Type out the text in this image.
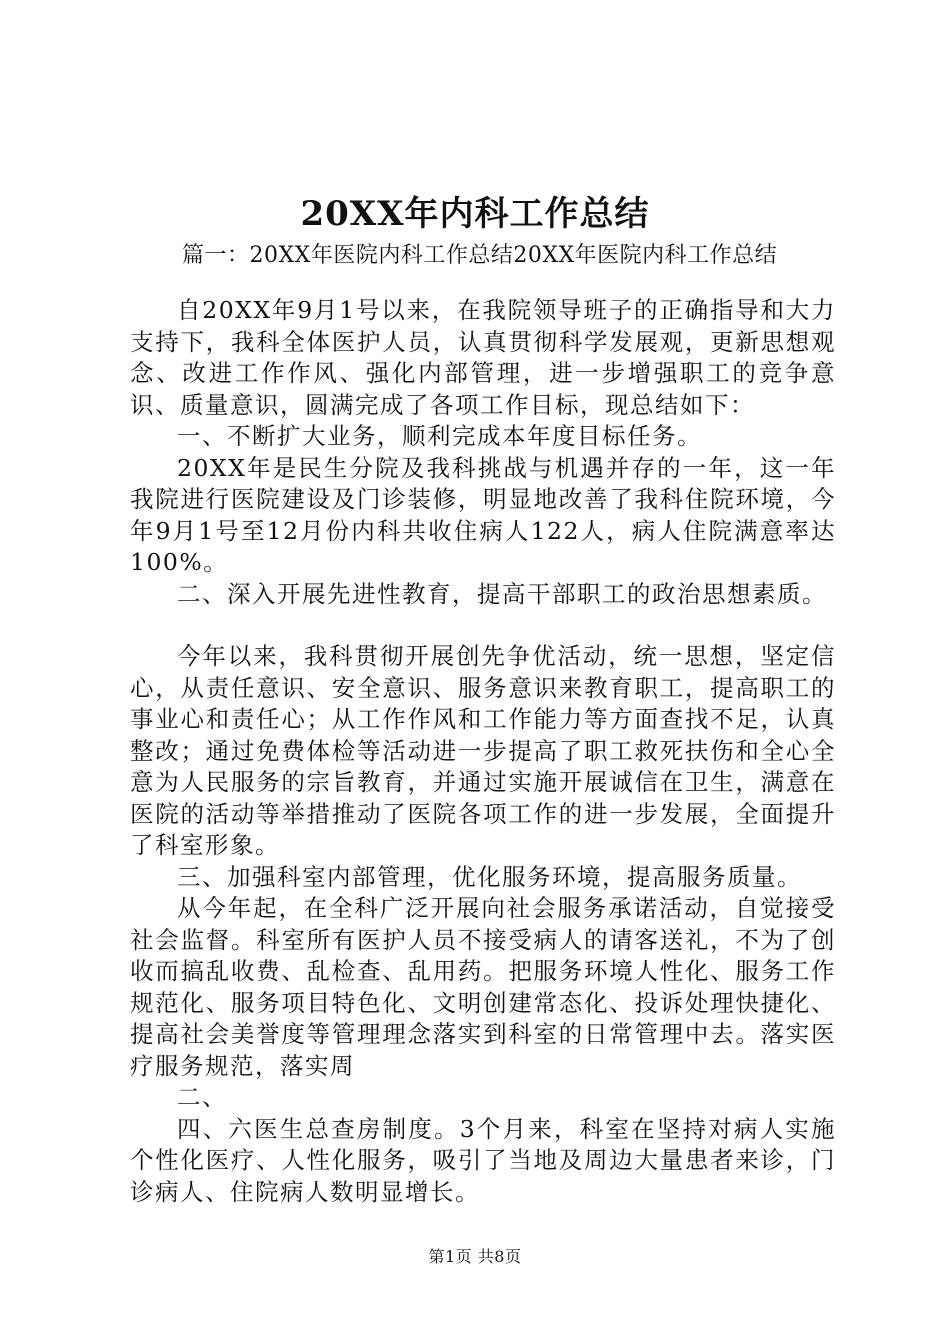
20XX年内科工作总结
篇一：20XX年医院内科工作总结20XX年医院内科工作总结

自20XX年9月1号以来，在我院领导班子的正确指导和大力支持下，我科全体医护人员，认真贯彻科学发展观，更新思想观念、改进工作作风、强化内部管理，进一步增强职工的竞争意识、质量意识，圆满完成了各项工作目标，现总结如下：

一、不断扩大业务，顺利完成本年度目标任务。

20XX年是民生分院及我科挑战与机遇并存的一年，这一年我院进行医院建设及门诊装修，明显地改善了我科住院环境，今年9月1号至12月份内科共收住病人122人，病人住院满意率达100%。

二、深入开展先进性教育，提高干部职工的政治思想素质。

今年以来，我科贯彻开展创先争优活动，统一思想，坚定信心，从责任意识、安全意识、服务意识来教育职工，提高职工的事业心和责任心；从工作作风和工作能力等方面查找不足，认真整改；通过免费体检等活动进一步提高了职工救死扶伤和全心全意为人民服务的宗旨教育，并通过实施开展诚信在卫生，满意在医院的活动等举措推动了医院各项工作的进一步发展，全面提升了科室形象。

三、加强科室内部管理，优化服务环境，提高服务质量。

从今年起，在全科广泛开展向社会服务承诺活动，自觉接受社会监督。科室所有医护人员不接受病人的请客送礼，不为了创收而搞乱收费、乱检查、乱用药。把服务环境人性化、服务工作规范化、服务项目特色化、文明创建常态化、投诉处理快捷化、提高社会美誉度等管理理念落实到科室的日常管理中去。落实医疗服务规范，落实周

二、

四、六医生总查房制度。3个月来，科室在坚持对病人实施个性化医疗、人性化服务，吸引了当地及周边大量患者来诊，门诊病人、住院病人数明显增长。

第1页 共8页
